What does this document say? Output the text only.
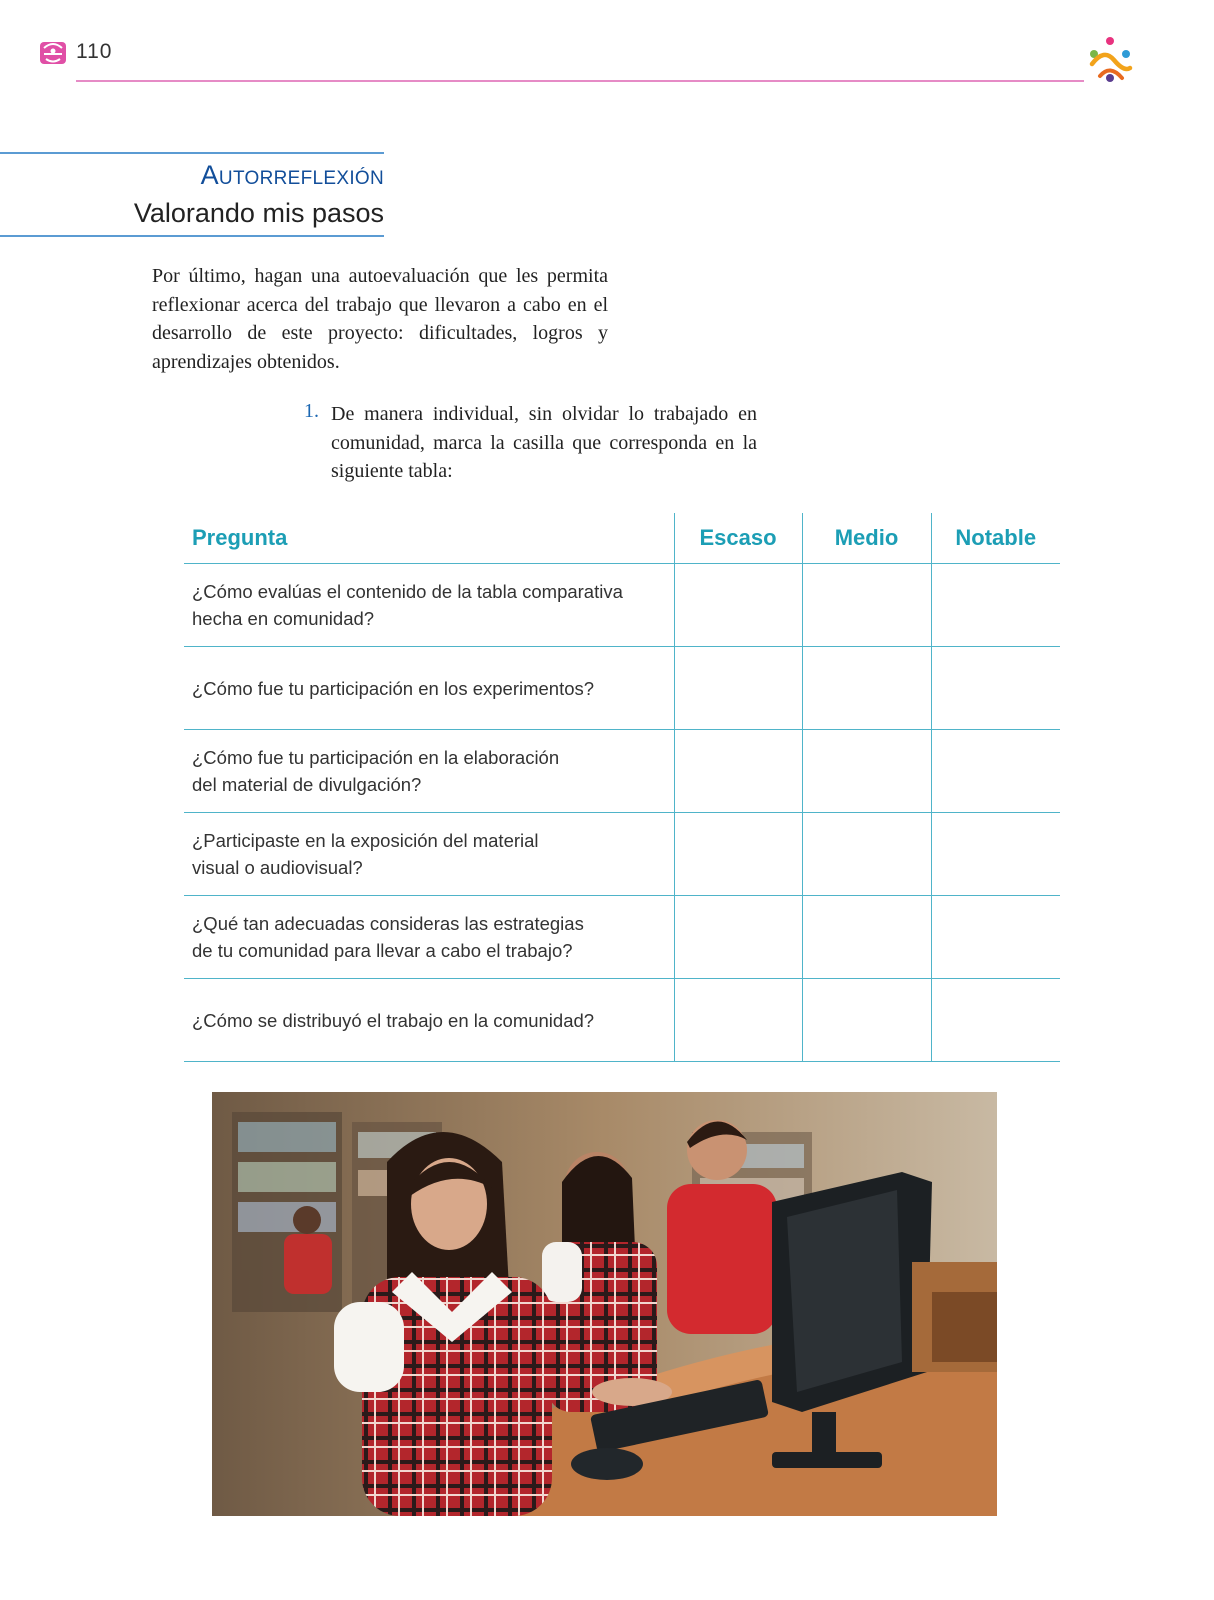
110
Autorreflexión
Valorando mis pasos
Por último, hagan una autoevaluación que les permita reflexionar acerca del trabajo que llevaron a cabo en el desarrollo de este proyecto: dificultades, logros y aprendizajes obtenidos.
1. De manera individual, sin olvidar lo trabajado en comunidad, marca la casilla que corresponda en la siguiente tabla:
Pregunta	Escaso	Medio	Notable
¿Cómo evalúas el contenido de la tabla comparativa
hecha en comunidad?			
¿Cómo fue tu participación en los experimentos?			
¿Cómo fue tu participación en la elaboración
del material de divulgación?			
¿Participaste en la exposición del material
visual o audiovisual?			
¿Qué tan adecuadas consideras las estrategias
de tu comunidad para llevar a cabo el trabajo?			
¿Cómo se distribuyó el trabajo en la comunidad?			
